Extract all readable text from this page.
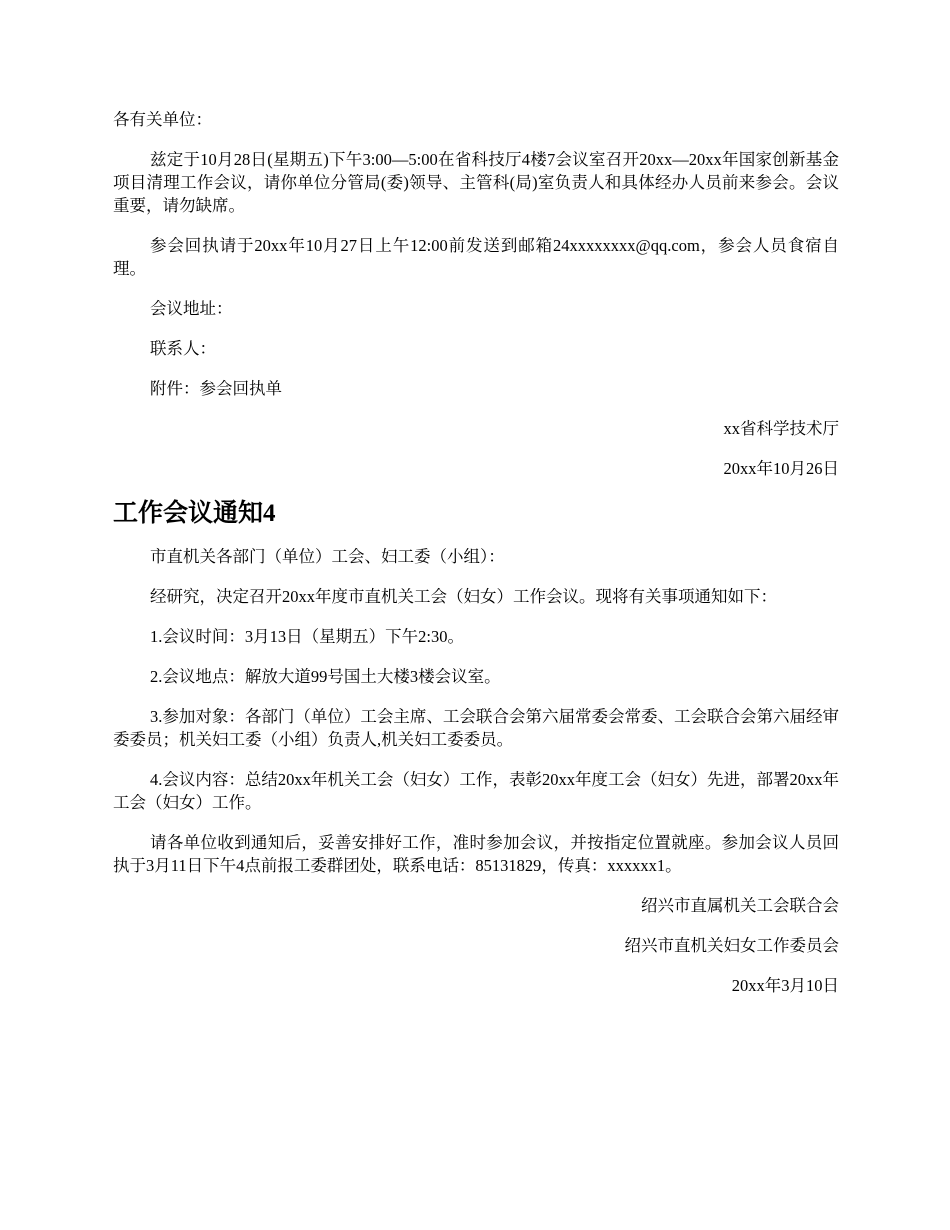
各有关单位：

兹定于10月28日(星期五)下午3:00—5:00在省科技厅4楼7会议室召开20xx—20xx年国家创新基金项目清理工作会议，请你单位分管局(委)领导、主管科(局)室负责人和具体经办人员前来参会。会议重要，请勿缺席。

参会回执请于20xx年10月27日上午12:00前发送到邮箱24xxxxxxxx@qq.com，参会人员食宿自理。

会议地址：

联系人：

附件：参会回执单

xx省科学技术厅

20xx年10月26日

工作会议通知4

市直机关各部门（单位）工会、妇工委（小组）：

经研究，决定召开20xx年度市直机关工会（妇女）工作会议。现将有关事项通知如下：

1.会议时间：3月13日（星期五）下午2:30。

2.会议地点：解放大道99号国土大楼3楼会议室。

3.参加对象：各部门（单位）工会主席、工会联合会第六届常委会常委、工会联合会第六届经审委委员；机关妇工委（小组）负责人,机关妇工委委员。

4.会议内容：总结20xx年机关工会（妇女）工作，表彰20xx年度工会（妇女）先进，部署20xx年工会（妇女）工作。

请各单位收到通知后，妥善安排好工作，准时参加会议，并按指定位置就座。参加会议人员回执于3月11日下午4点前报工委群团处，联系电话：85131829，传真：xxxxxx1。

绍兴市直属机关工会联合会

绍兴市直机关妇女工作委员会

20xx年3月10日
